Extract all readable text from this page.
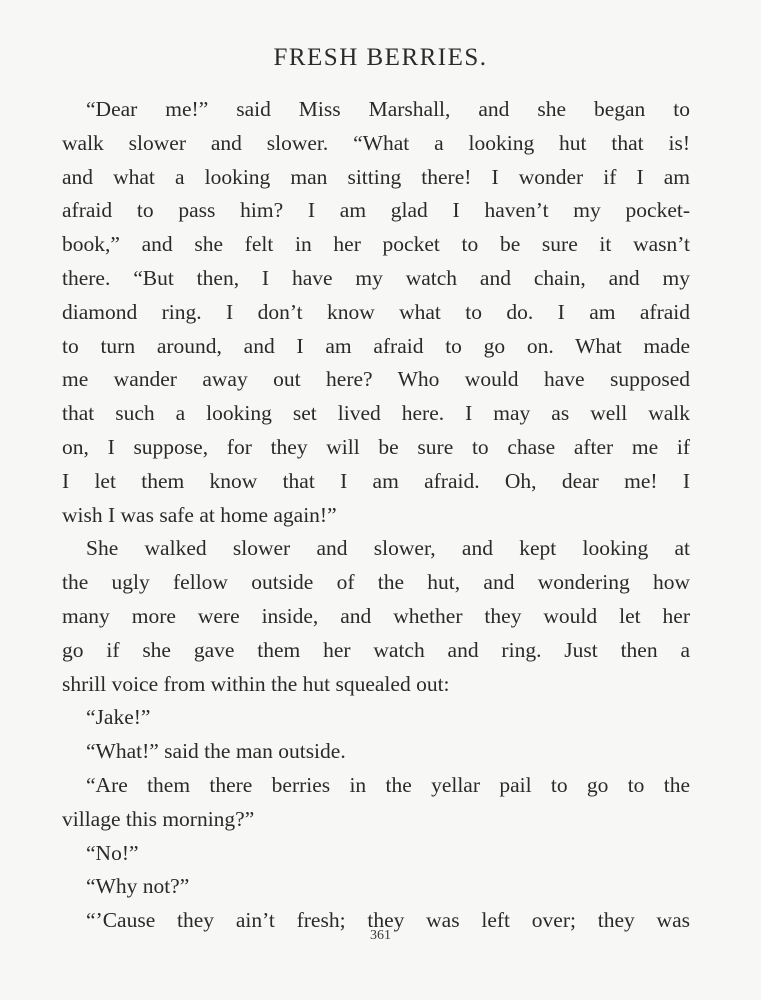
FRESH BERRIES.
“Dear me!” said Miss Marshall, and she began to
walk slower and slower. “What a looking hut that is!
and what a looking man sitting there! I wonder if I am
afraid to pass him? I am glad I haven’t my pocket-
book,” and she felt in her pocket to be sure it wasn’t
there. “But then, I have my watch and chain, and my
diamond ring. I don’t know what to do. I am afraid
to turn around, and I am afraid to go on. What made
me wander away out here? Who would have supposed
that such a looking set lived here. I may as well walk
on, I suppose, for they will be sure to chase after me if
I let them know that I am afraid. Oh, dear me! I
wish I was safe at home again!”
She walked slower and slower, and kept looking at
the ugly fellow outside of the hut, and wondering how
many more were inside, and whether they would let her
go if she gave them her watch and ring. Just then a
shrill voice from within the hut squealed out:
“Jake!”
“What!” said the man outside.
“Are them there berries in the yellar pail to go to the
village this morning?”
“No!”
“Why not?”
“’Cause they ain’t fresh; they was left over; they was
361
